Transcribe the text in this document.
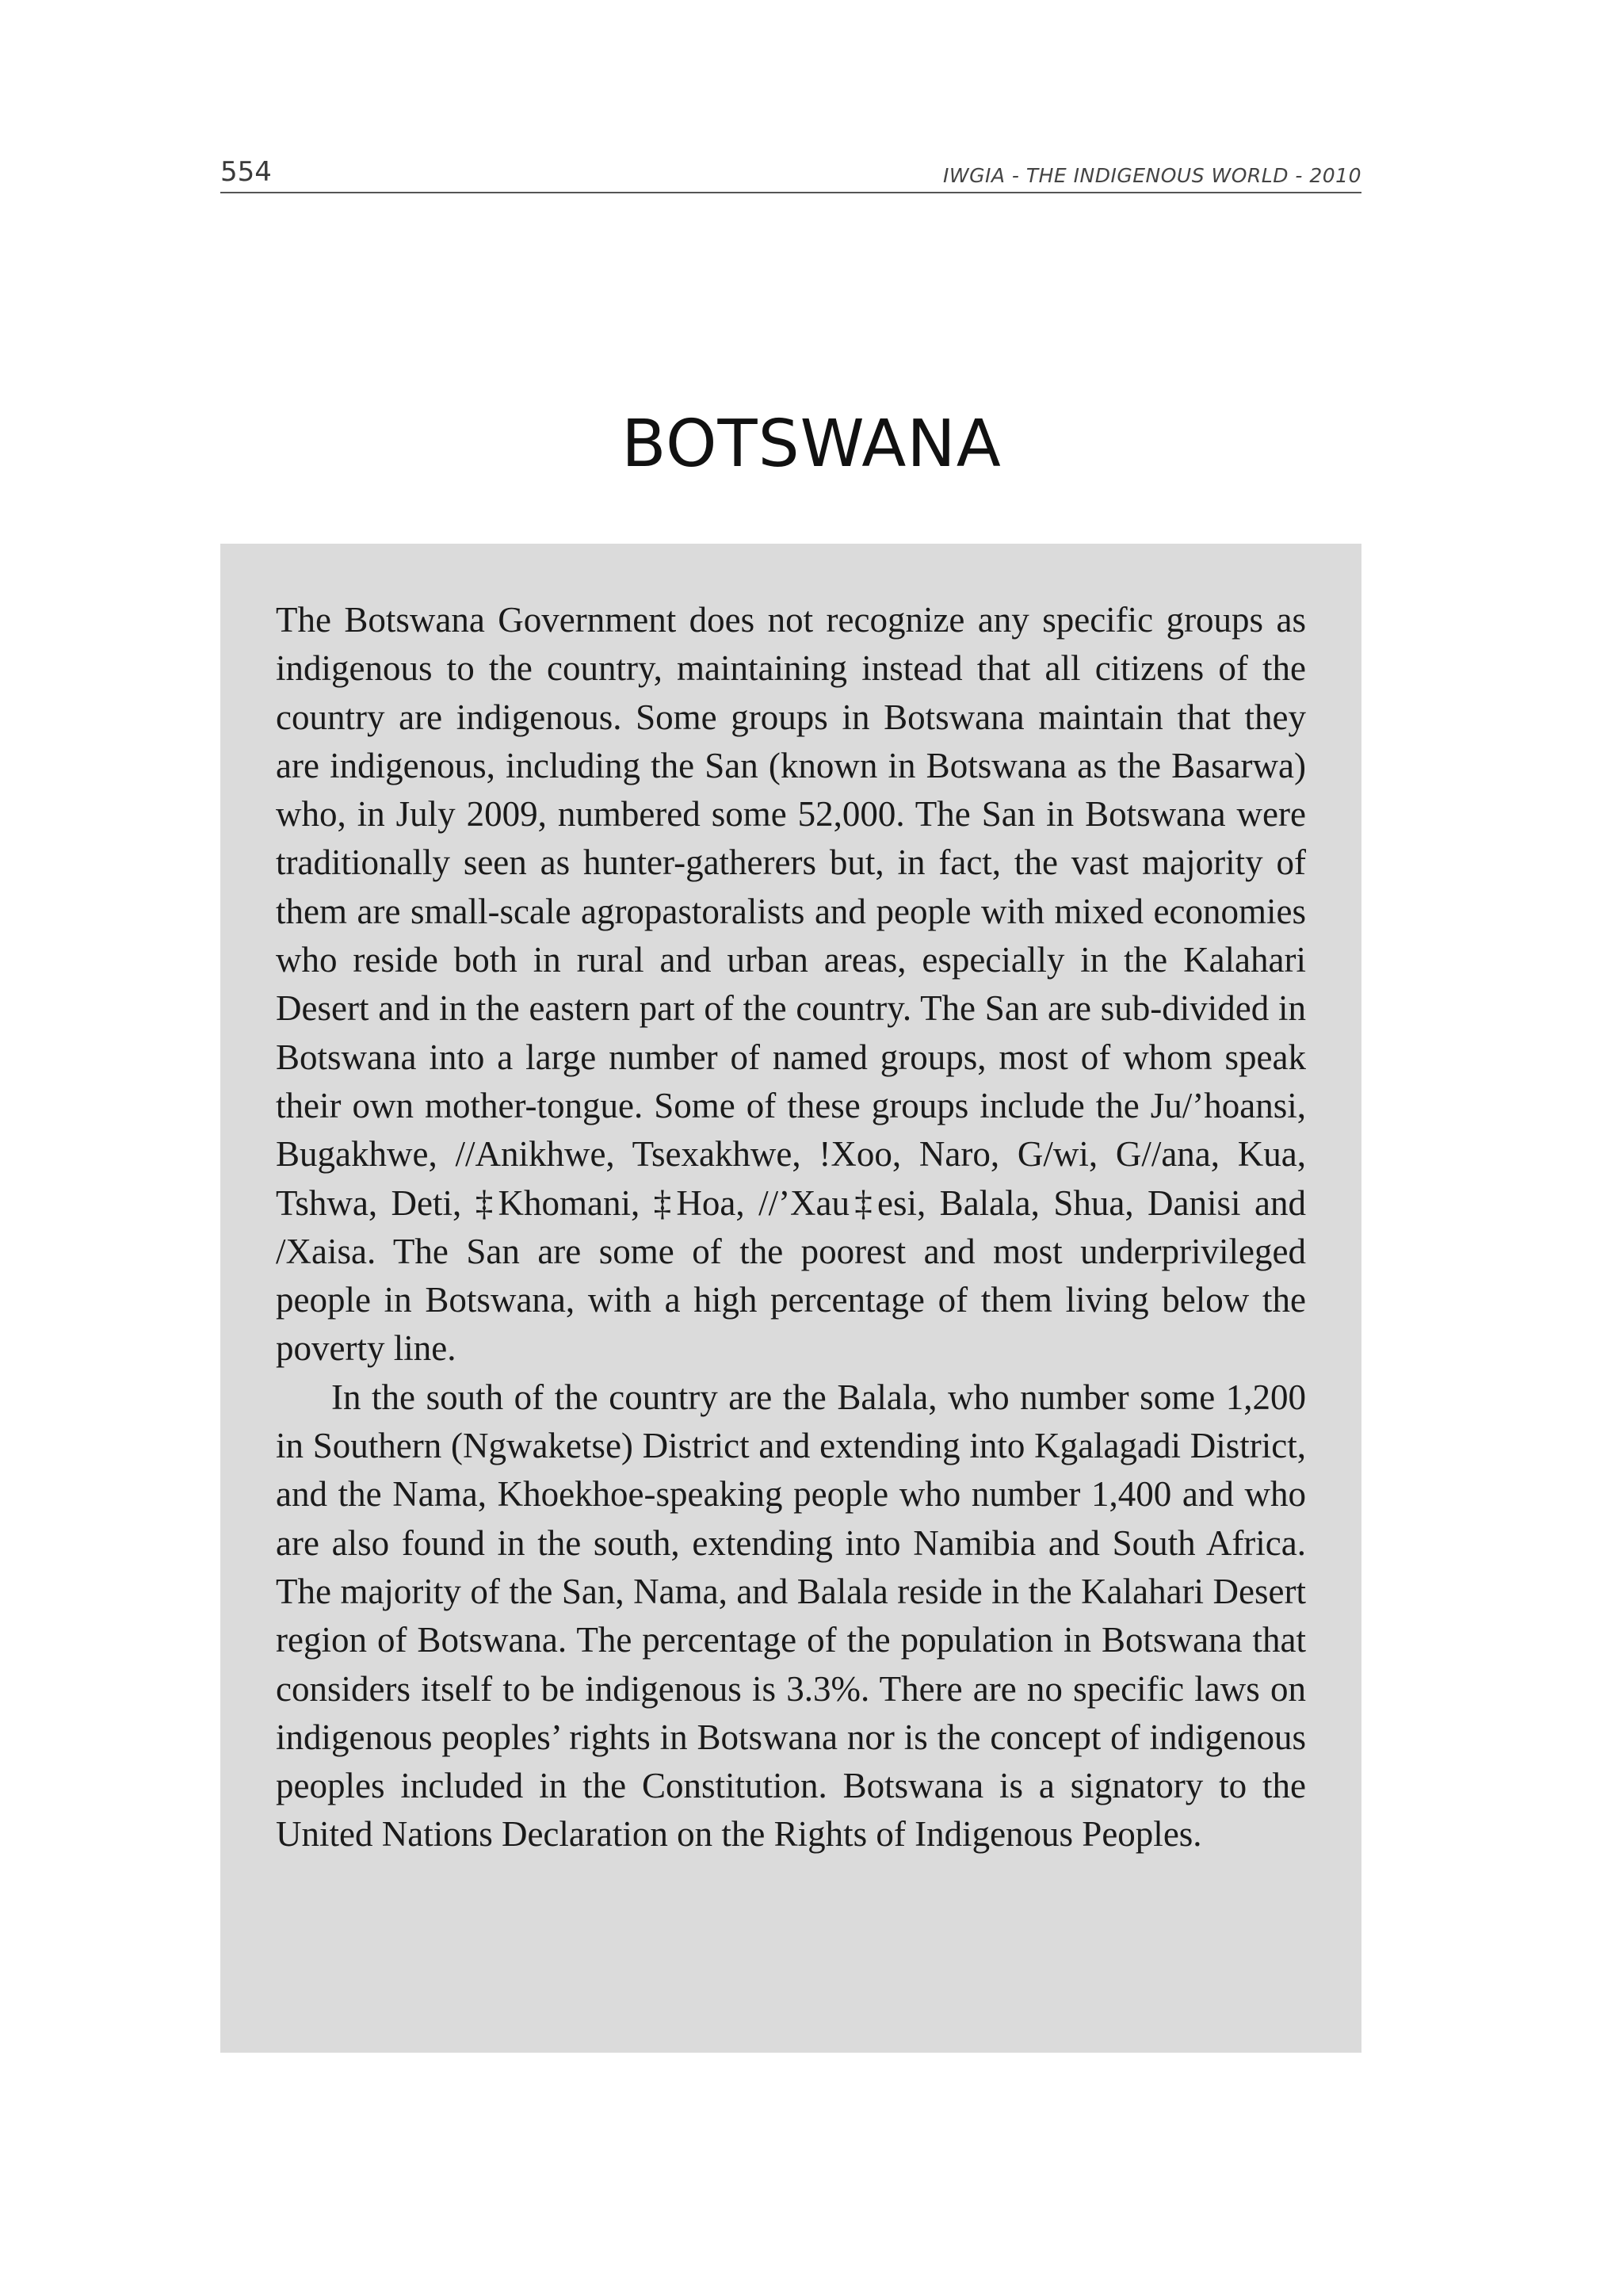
554	IWGIA - THE INDIGENOUS WORLD - 2010
BOTSWANA

The Botswana Government does not recognize any specific groups as indigenous to the country, maintaining instead that all citizens of the country are indigenous. Some groups in Botswana maintain that they are indigenous, including the San (known in Botswana as the Basarwa) who, in July 2009, numbered some 52,000. The San in Botswana were traditionally seen as hunter-gatherers but, in fact, the vast majority of them are small-scale agropastoralists and people with mixed economies who reside both in rural and urban areas, especially in the Kalahari Desert and in the eastern part of the country. The San are sub-divided in Botswana into a large number of named groups, most of whom speak their own mother-tongue. Some of these groups include the Ju/’hoansi, Bugakhwe, //Anikhwe, Tsexakhwe, !Xoo, Naro, G/wi, G//ana, Kua, Tshwa, Deti, ‡Khomani, ‡Hoa, //’Xau‡esi, Balala, Shua, Danisi and /Xaisa. The San are some of the poorest and most underprivileged people in Botswana, with a high percentage of them living below the poverty line.

In the south of the country are the Balala, who number some 1,200 in Southern (Ngwaketse) District and extending into Kgalagadi District, and the Nama, Khoekhoe-speaking people who number 1,400 and who are also found in the south, extending into Namibia and South Africa. The majority of the San, Nama, and Balala reside in the Kalahari Desert region of Botswana. The percentage of the population in Botswana that considers itself to be indigenous is 3.3%. There are no specific laws on indigenous peoples’ rights in Botswana nor is the concept of indigenous peoples included in the Constitution. Botswana is a signatory to the United Nations Declaration on the Rights of Indigenous Peoples.
